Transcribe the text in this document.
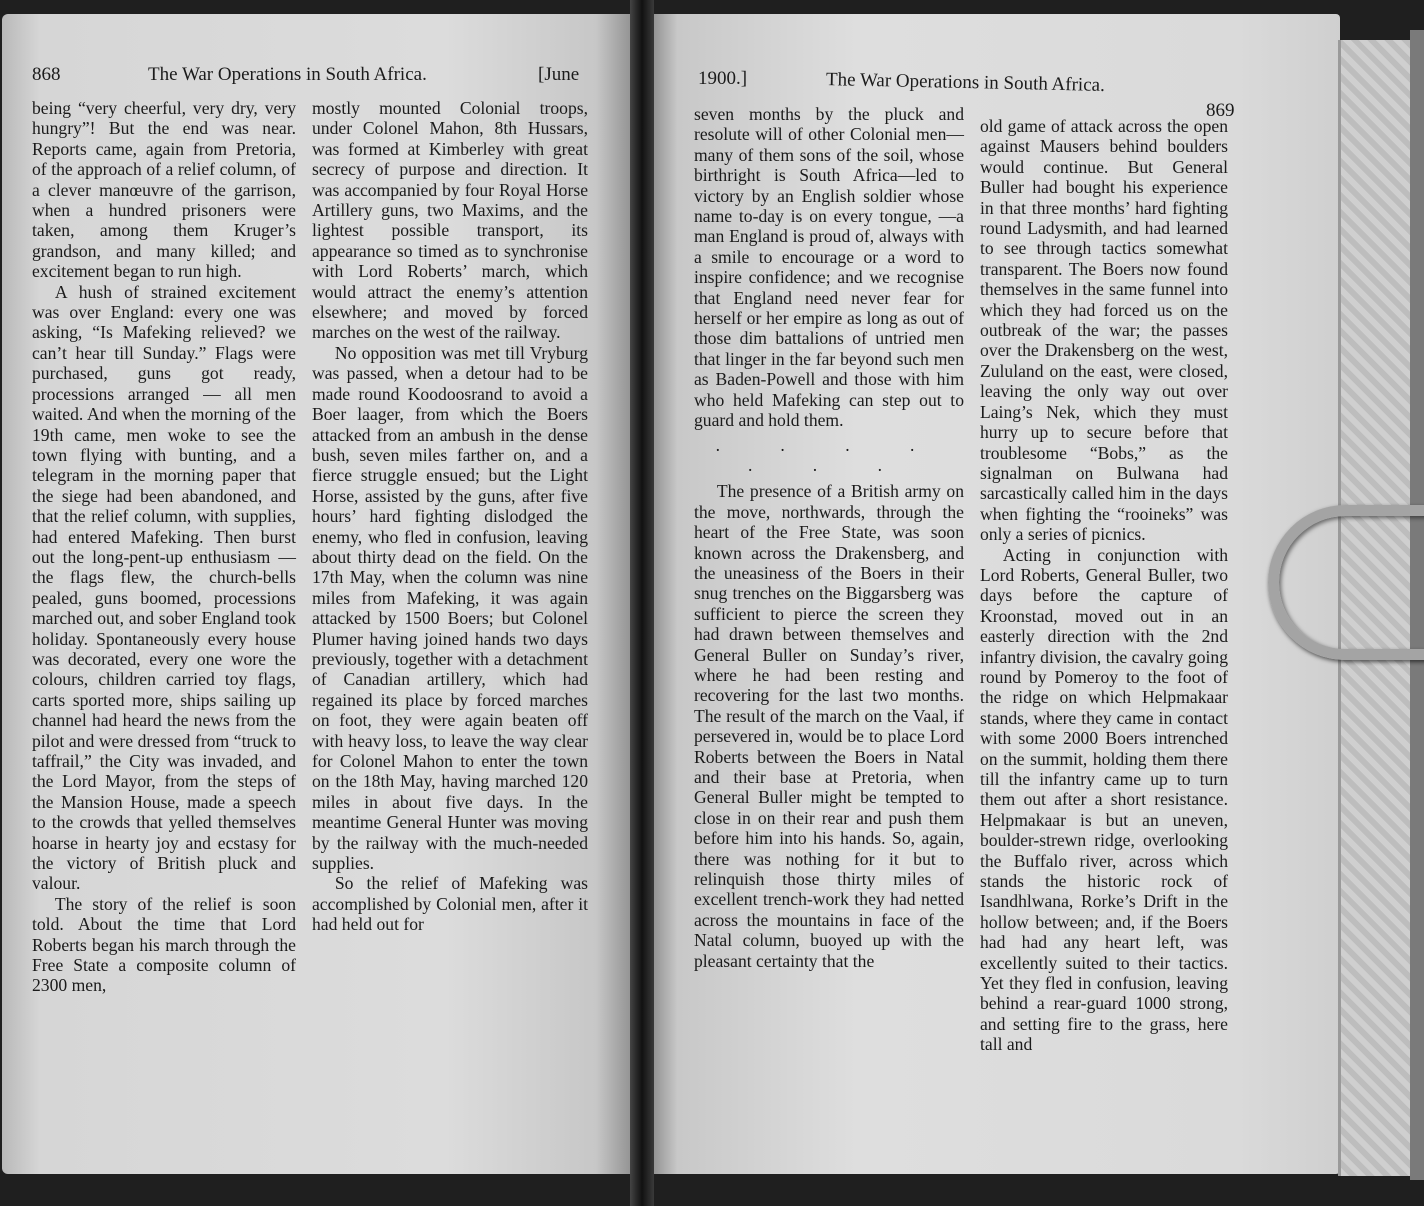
868	The War Operations in South Africa.	[June	1900.]	The War Operations in South Africa.
869

being “very cheerful, very dry, very hungry”! But the end was near. Reports came, again from Pretoria, of the approach of a relief column, of a clever manœuvre of the garrison, when a hundred prisoners were taken, among them Kruger’s grandson, and many killed; and excitement began to run high.

A hush of strained excitement was over England: every one was asking, “Is Mafeking relieved? we can’t hear till Sunday.” Flags were purchased, guns got ready, processions arranged — all men waited. And when the morning of the 19th came, men woke to see the town flying with bunting, and a telegram in the morning paper that the siege had been abandoned, and that the relief column, with supplies, had entered Mafeking. Then burst out the long-pent-up enthusiasm — the flags flew, the church-bells pealed, guns boomed, processions marched out, and sober England took holiday. Spontaneously every house was decorated, every one wore the colours, children carried toy flags, carts sported more, ships sailing up channel had heard the news from the pilot and were dressed from “truck to taffrail,” the City was invaded, and the Lord Mayor, from the steps of the Mansion House, made a speech to the crowds that yelled themselves hoarse in hearty joy and ecstasy for the victory of British pluck and valour.

The story of the relief is soon told. About the time that Lord Roberts began his march through the Free State a composite column of 2300 men,

mostly mounted Colonial troops, under Colonel Mahon, 8th Hussars, was formed at Kimberley with great secrecy of purpose and direction. It was accompanied by four Royal Horse Artillery guns, two Maxims, and the lightest possible transport, its appearance so timed as to synchronise with Lord Roberts’ march, which would attract the enemy’s attention elsewhere; and moved by forced marches on the west of the railway.

No opposition was met till Vryburg was passed, when a detour had to be made round Koodoosrand to avoid a Boer laager, from which the Boers attacked from an ambush in the dense bush, seven miles farther on, and a fierce struggle ensued; but the Light Horse, assisted by the guns, after five hours’ hard fighting dislodged the enemy, who fled in confusion, leaving about thirty dead on the field. On the 17th May, when the column was nine miles from Mafeking, it was again attacked by 1500 Boers; but Colonel Plumer having joined hands two days previously, together with a detachment of Canadian artillery, which had regained its place by forced marches on foot, they were again beaten off with heavy loss, to leave the way clear for Colonel Mahon to enter the town on the 18th May, having marched 120 miles in about five days. In the meantime General Hunter was moving by the railway with the much-needed supplies.

So the relief of Mafeking was accomplished by Colonial men, after it had held out for

seven months by the pluck and resolute will of other Colonial men—many of them sons of the soil, whose birthright is South Africa—led to victory by an English soldier whose name to-day is on every tongue, —a man England is proud of, always with a smile to encourage or a word to inspire confidence; and we recognise that England need never fear for herself or her empire as long as out of those dim battalions of untried men that linger in the far beyond such men as Baden-Powell and those with him who held Mafeking can step out to guard and hold them.

. . . . . . .

The presence of a British army on the move, northwards, through the heart of the Free State, was soon known across the Drakensberg, and the uneasiness of the Boers in their snug trenches on the Biggarsberg was sufficient to pierce the screen they had drawn between themselves and General Buller on Sunday’s river, where he had been resting and recovering for the last two months. The result of the march on the Vaal, if persevered in, would be to place Lord Roberts between the Boers in Natal and their base at Pretoria, when General Buller might be tempted to close in on their rear and push them before him into his hands. So, again, there was nothing for it but to relinquish those thirty miles of excellent trench-work they had netted across the mountains in face of the Natal column, buoyed up with the pleasant certainty that the

old game of attack across the open against Mausers behind boulders would continue. But General Buller had bought his experience in that three months’ hard fighting round Ladysmith, and had learned to see through tactics somewhat transparent. The Boers now found themselves in the same funnel into which they had forced us on the outbreak of the war; the passes over the Drakensberg on the west, Zululand on the east, were closed, leaving the only way out over Laing’s Nek, which they must hurry up to secure before that troublesome “Bobs,” as the signalman on Bulwana had sarcastically called him in the days when fighting the “rooineks” was only a series of picnics.

Acting in conjunction with Lord Roberts, General Buller, two days before the capture of Kroonstad, moved out in an easterly direction with the 2nd infantry division, the cavalry going round by Pomeroy to the foot of the ridge on which Helpmakaar stands, where they came in contact with some 2000 Boers intrenched on the summit, holding them there till the infantry came up to turn them out after a short resistance. Helpmakaar is but an uneven, boulder-strewn ridge, overlooking the Buffalo river, across which stands the historic rock of Isandhlwana, Rorke’s Drift in the hollow between; and, if the Boers had had any heart left, was excellently suited to their tactics. Yet they fled in confusion, leaving behind a rear-guard 1000 strong, and setting fire to the grass, here tall and
